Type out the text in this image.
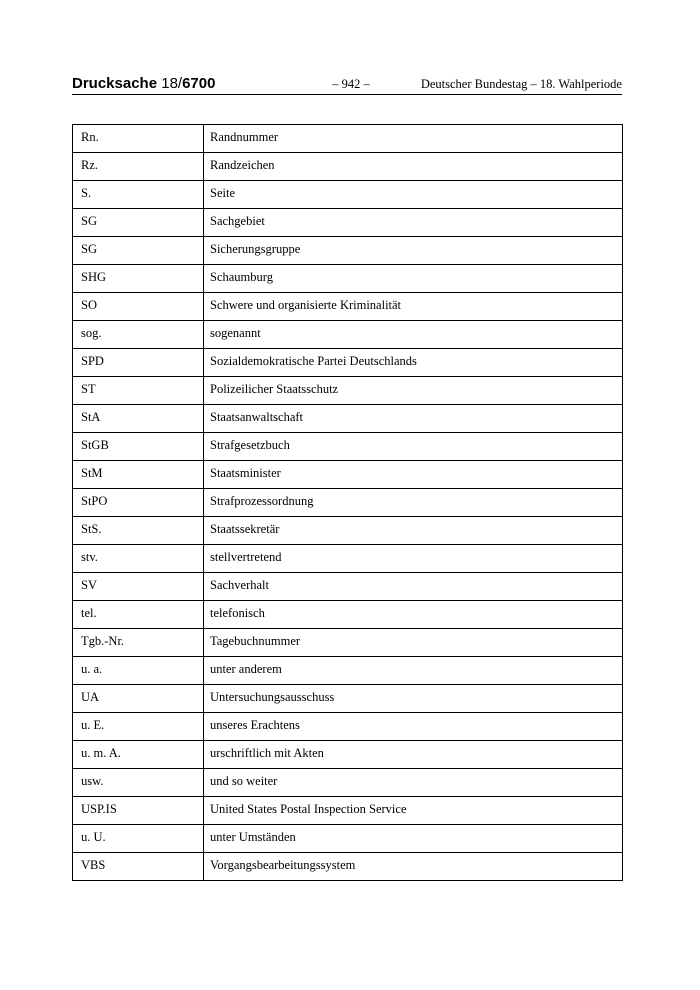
Drucksache 18/6700	– 942 –	Deutscher Bundestag – 18. Wahlperiode
Rn.	Randnummer
Rz.	Randzeichen
S.	Seite
SG	Sachgebiet
SG	Sicherungsgruppe
SHG	Schaumburg
SO	Schwere und organisierte Kriminalität
sog.	sogenannt
SPD	Sozialdemokratische Partei Deutschlands
ST	Polizeilicher Staatsschutz
StA	Staatsanwaltschaft
StGB	Strafgesetzbuch
StM	Staatsminister
StPO	Strafprozessordnung
StS.	Staatssekretär
stv.	stellvertretend
SV	Sachverhalt
tel.	telefonisch
Tgb.-Nr.	Tagebuchnummer
u. a.	unter anderem
UA	Untersuchungsausschuss
u. E.	unseres Erachtens
u. m. A.	urschriftlich mit Akten
usw.	und so weiter
USP.IS	United States Postal Inspection Service
u. U.	unter Umständen
VBS	Vorgangsbearbeitungssystem
